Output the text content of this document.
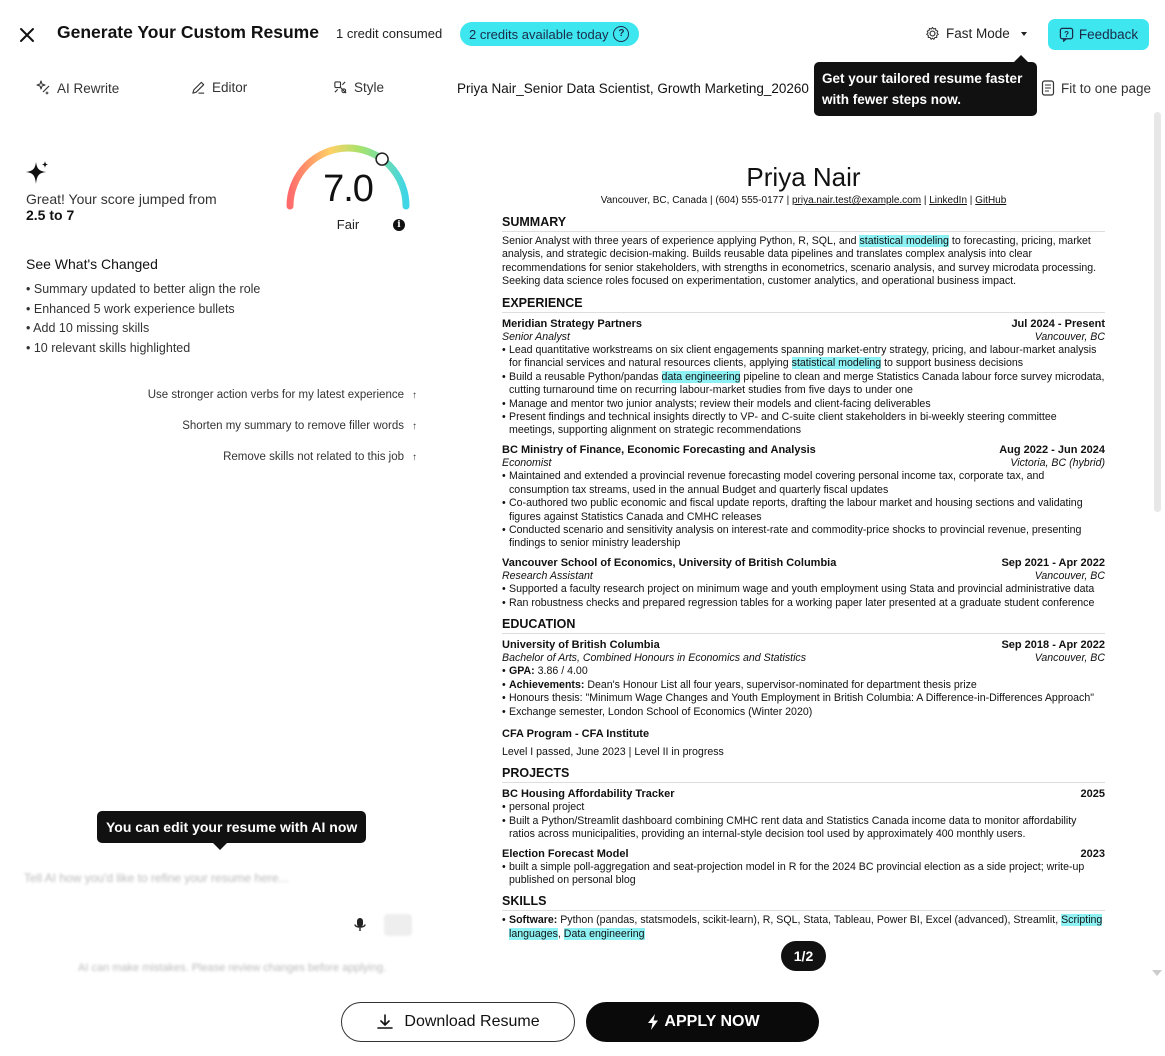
Generate Your Custom Resume 1 credit consumed 2 credits available today ?	Fast Mode	? Feedback
Get your tailored resume faster with fewer steps now.
AI Rewrite	Editor	Style	Priya Nair_Senior Data Scientist, Growth Marketing_20260	Fit to one page
Great! Your score jumped from
2.5 to 7
7.0
Fair	i
See What's Changed
• Summary updated to better align the role
• Enhanced 5 work experience bullets
• Add 10 missing skills
• 10 relevant skills highlighted
Use stronger action verbs for my latest experience ↑
Shorten my summary to remove filler words ↑
Remove skills not related to this job ↑
You can edit your resume with AI now
Tell AI how you'd like to refine your resume here...
AI can make mistakes. Please review changes before applying.
Priya Nair
Vancouver, BC, Canada | (604) 555-0177 | priya.nair.test@example.com | LinkedIn | GitHub
SUMMARY
Senior Analyst with three years of experience applying Python, R, SQL, and statistical modeling to forecasting, pricing, market analysis, and strategic decision-making. Builds reusable data pipelines and translates complex analysis into clear recommendations for senior stakeholders, with strengths in econometrics, scenario analysis, and survey microdata processing. Seeking data science roles focused on experimentation, customer analytics, and operational business impact.
EXPERIENCE
Meridian Strategy Partners	Jul 2024 - Present
Senior Analyst	Vancouver, BC
• Lead quantitative workstreams on six client engagements spanning market-entry strategy, pricing, and labour-market analysis for financial services and natural resources clients, applying statistical modeling to support business decisions
• Build a reusable Python/pandas data engineering pipeline to clean and merge Statistics Canada labour force survey microdata, cutting turnaround time on recurring labour-market studies from five days to under one
• Manage and mentor two junior analysts; review their models and client-facing deliverables
• Present findings and technical insights directly to VP- and C-suite client stakeholders in bi-weekly steering committee meetings, supporting alignment on strategic recommendations
BC Ministry of Finance, Economic Forecasting and Analysis	Aug 2022 - Jun 2024
Economist	Victoria, BC (hybrid)
• Maintained and extended a provincial revenue forecasting model covering personal income tax, corporate tax, and consumption tax streams, used in the annual Budget and quarterly fiscal updates
• Co-authored two public economic and fiscal update reports, drafting the labour market and housing sections and validating figures against Statistics Canada and CMHC releases
• Conducted scenario and sensitivity analysis on interest-rate and commodity-price shocks to provincial revenue, presenting findings to senior ministry leadership
Vancouver School of Economics, University of British Columbia	Sep 2021 - Apr 2022
Research Assistant	Vancouver, BC
• Supported a faculty research project on minimum wage and youth employment using Stata and provincial administrative data
• Ran robustness checks and prepared regression tables for a working paper later presented at a graduate student conference
EDUCATION
University of British Columbia	Sep 2018 - Apr 2022
Bachelor of Arts, Combined Honours in Economics and Statistics	Vancouver, BC
• GPA: 3.86 / 4.00
• Achievements: Dean's Honour List all four years, supervisor-nominated for department thesis prize
• Honours thesis: "Minimum Wage Changes and Youth Employment in British Columbia: A Difference-in-Differences Approach"
• Exchange semester, London School of Economics (Winter 2020)
CFA Program - CFA Institute
Level I passed, June 2023 | Level II in progress
PROJECTS
BC Housing Affordability Tracker	2025
• personal project
• Built a Python/Streamlit dashboard combining CMHC rent data and Statistics Canada income data to monitor affordability ratios across municipalities, providing an internal-style decision tool used by approximately 400 monthly users.
Election Forecast Model	2023
• built a simple poll-aggregation and seat-projection model in R for the 2024 BC provincial election as a side project; write-up published on personal blog
SKILLS
• Software: Python (pandas, statsmodels, scikit-learn), R, SQL, Stata, Tableau, Power BI, Excel (advanced), Streamlit, Scripting languages, Data engineering
1/2
Download Resume	APPLY NOW
